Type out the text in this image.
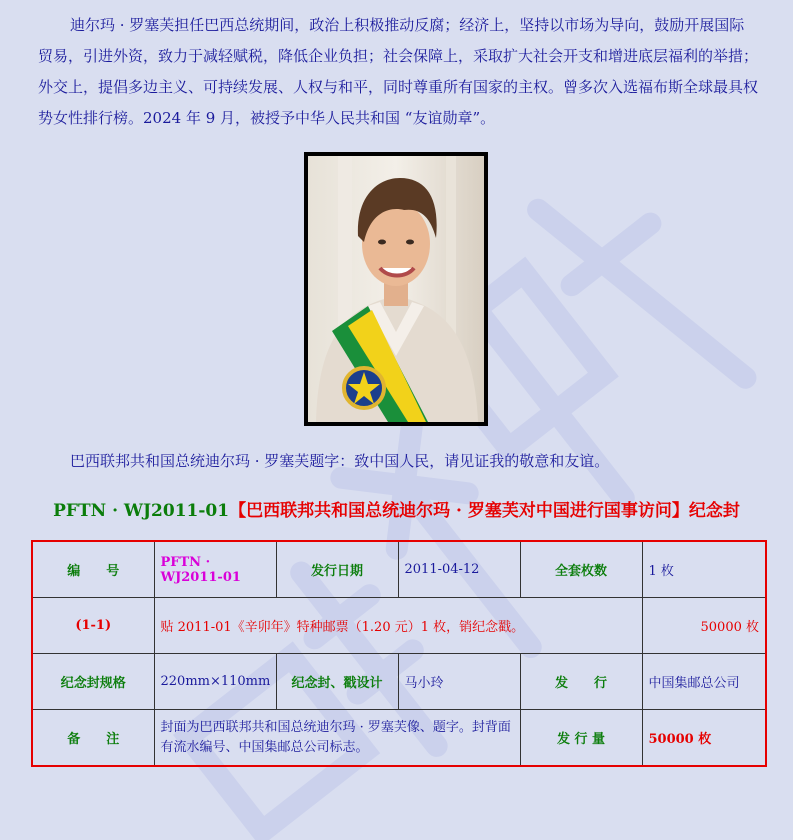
迪尔玛 · 罗塞芙担任巴西总统期间，政治上积极推动反腐；经济上，坚持以市场为导向，鼓励开展国际贸易，引进外资，致力于减轻赋税，降低企业负担；社会保障上，采取扩大社会开支和增进底层福利的举措；外交上，提倡多边主义、可持续发展、人权与和平，同时尊重所有国家的主权。曾多次入选福布斯全球最具权势女性排行榜。2024 年 9 月，被授予中华人民共和国 “友谊勋章”。

巴西联邦共和国总统迪尔玛 · 罗塞芙题字：致中国人民，请见证我的敬意和友谊。

PFTN · WJ2011-01【巴西联邦共和国总统迪尔玛 · 罗塞芙对中国进行国事访问】纪念封

编　　号	PFTN · WJ2011-01	发行日期	2011-04-12	全套枚数	1 枚
(1-1)	贴 2011-01《辛卯年》特种邮票（1.20 元）1 枚，销纪念戳。				50000 枚
纪念封规格	220mm×110mm	纪念封、戳设计	马小玲	发　　行	中国集邮总公司
备　　注	封面为巴西联邦共和国总统迪尔玛 · 罗塞芙像、题字。封背面有流水编号、中国集邮总公司标志。			发 行 量	50000 枚
